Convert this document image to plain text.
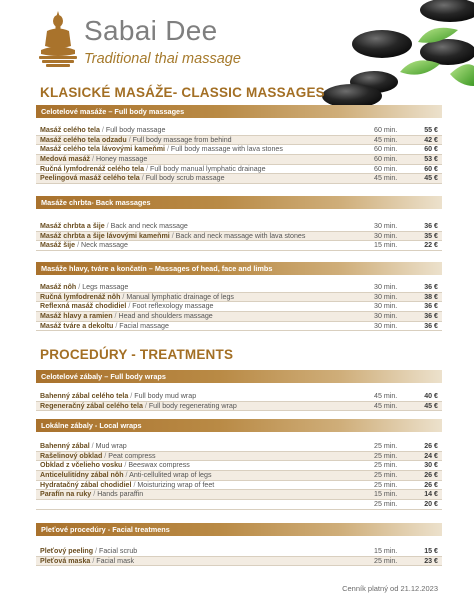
Sabai Dee
Traditional thai massage
KLASICKÉ MASÁŽE- CLASSIC MASSAGES
PROCEDÚRY - TREATMENTS
Celotelové masáže – Full body massages
Masáž celého tela / Full body massage	60 min.	55 €
Masáž celého tela odzadu / Full body massage from behind	45 min.	42 €
Masáž celého tela lávovými kameňmi / Full body massage with lava stones	60 min.	60 €
Medová masáž / Honey massage	60 min.	53 €
Ručná lymfodrenáž celého tela / Full body manual lymphatic drainage	60 min.	60 €
Peelingová masáž celého tela / Full body scrub massage	45 min.	45 €
Masáže chrbta- Back massages
Masáž chrbta a šije / Back and neck massage	30 min.	36 €
Masáž chrbta a šije lávovými kameňmi / Back and neck massage with lava stones	30 min.	35 €
Masáž šije / Neck massage	15 min.	22 €
Masáže hlavy, tváre a končatín – Massages of head, face and limbs
Masáž nôh / Legs massage	30 min.	36 €
Ručná lymfodrenáž nôh / Manual lymphatic drainage of legs	30 min.	38 €
Reflexná masáž chodidiel / Foot reflexology massage	30 min.	36 €
Masáž hlavy a ramien / Head and shoulders massage	30 min.	36 €
Masáž tváre a dekoltu / Facial massage	30 min.	36 €
Celotelové zábaly – Full body wraps
Bahenný zábal celého tela / Full body mud wrap	45 min.	40 €
Regeneračný zábal celého tela / Full body regenerating wrap	45 min.	45 €
Lokálne zábaly - Local wraps
Bahenný zábal / Mud wrap	25 min.	26 €
Rašelinový obklad / Peat compress	25 min.	24 €
Obklad z včelieho vosku / Beeswax compress	25 min.	30 €
Anticelulitídny zábal nôh / Anti-cellulited wrap of legs	25 min.	26 €
Hydratačný zábal chodidiel / Moisturizing wrap of feet	25 min.	26 €
Parafín na ruky / Hands paraffin	15 min.	14 €
25 min.	20 €
Pleťové procedúry - Facial treatmens
Pleťový peeling / Facial scrub	15 min.	15 €
Pleťová maska / Facial mask	25 min.	23 €
Cenník platný od 21.12.2023
